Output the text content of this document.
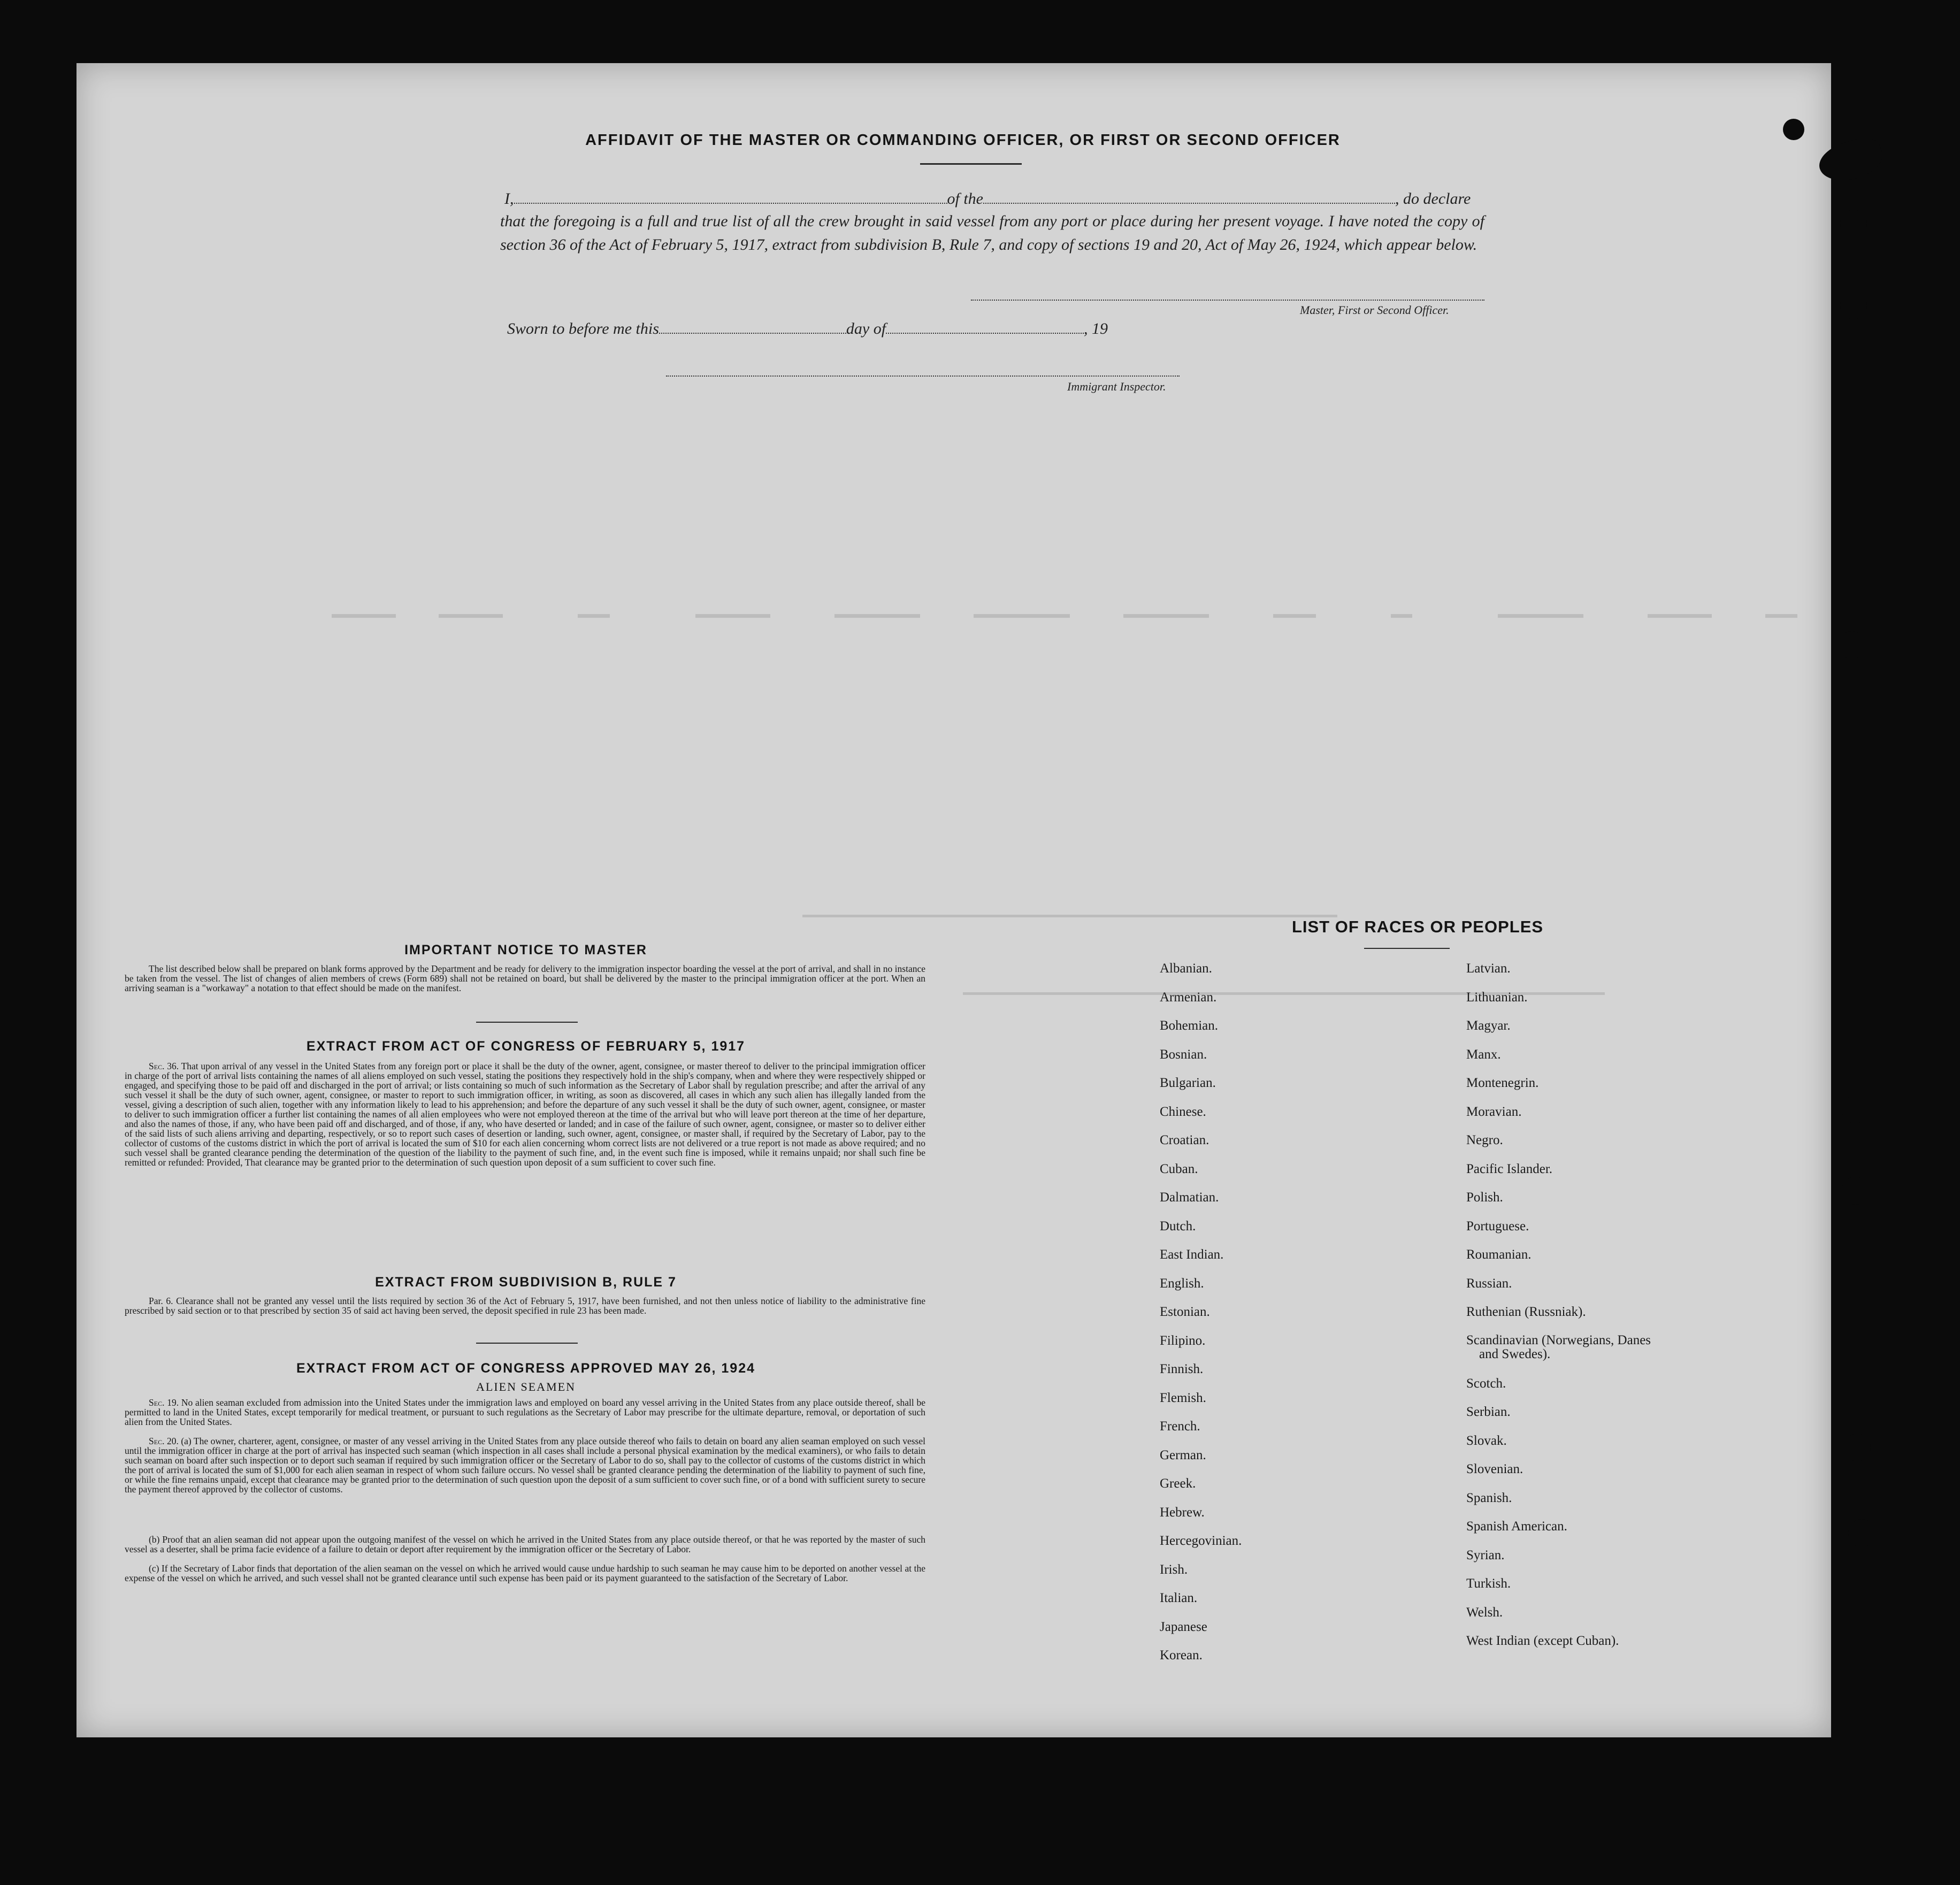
AFFIDAVIT OF THE MASTER OR COMMANDING OFFICER, OR FIRST OR SECOND OFFICER
I,	of the	, do declare
that the foregoing is a full and true list of all the crew brought in said vessel from any port or place during her present voyage. I have noted the copy of section 36 of the Act of February 5, 1917, extract from subdivision B, Rule 7, and copy of sections 19 and 20, Act of May 26, 1924, which appear below.
Master, First or Second Officer.
Sworn to before me this	day of	, 19
Immigrant Inspector.
IMPORTANT NOTICE TO MASTER
The list described below shall be prepared on blank forms approved by the Department and be ready for delivery to the immigration inspector boarding the vessel at the port of arrival, and shall in no instance be taken from the vessel. The list of changes of alien members of crews (Form 689) shall not be retained on board, but shall be delivered by the master to the principal immigration officer at the port. When an arriving seaman is a "workaway" a notation to that effect should be made on the manifest.
EXTRACT FROM ACT OF CONGRESS OF FEBRUARY 5, 1917
Sec. 36. That upon arrival of any vessel in the United States from any foreign port or place it shall be the duty of the owner, agent, consignee, or master thereof to deliver to the principal immigration officer in charge of the port of arrival lists containing the names of all aliens employed on such vessel, stating the positions they respectively hold in the ship's company, when and where they were respectively shipped or engaged, and specifying those to be paid off and discharged in the port of arrival; or lists containing so much of such information as the Secretary of Labor shall by regulation prescribe; and after the arrival of any such vessel it shall be the duty of such owner, agent, consignee, or master to report to such immigration officer, in writing, as soon as discovered, all cases in which any such alien has illegally landed from the vessel, giving a description of such alien, together with any information likely to lead to his apprehension; and before the departure of any such vessel it shall be the duty of such owner, agent, consignee, or master to deliver to such immigration officer a further list containing the names of all alien employees who were not employed thereon at the time of the arrival but who will leave port thereon at the time of her departure, and also the names of those, if any, who have been paid off and discharged, and of those, if any, who have deserted or landed; and in case of the failure of such owner, agent, consignee, or master so to deliver either of the said lists of such aliens arriving and departing, respectively, or so to report such cases of desertion or landing, such owner, agent, consignee, or master shall, if required by the Secretary of Labor, pay to the collector of customs of the customs district in which the port of arrival is located the sum of $10 for each alien concerning whom correct lists are not delivered or a true report is not made as above required; and no such vessel shall be granted clearance pending the determination of the question of the liability to the payment of such fine, and, in the event such fine is imposed, while it remains unpaid; nor shall such fine be remitted or refunded: Provided, That clearance may be granted prior to the determination of such question upon deposit of a sum sufficient to cover such fine.
EXTRACT FROM SUBDIVISION B, RULE 7
Par. 6. Clearance shall not be granted any vessel until the lists required by section 36 of the Act of February 5, 1917, have been furnished, and not then unless notice of liability to the administrative fine prescribed by said section or to that prescribed by section 35 of said act having been served, the deposit specified in rule 23 has been made.
EXTRACT FROM ACT OF CONGRESS APPROVED MAY 26, 1924
ALIEN SEAMEN
Sec. 19. No alien seaman excluded from admission into the United States under the immigration laws and employed on board any vessel arriving in the United States from any place outside thereof, shall be permitted to land in the United States, except temporarily for medical treatment, or pursuant to such regulations as the Secretary of Labor may prescribe for the ultimate departure, removal, or deportation of such alien from the United States.
Sec. 20. (a) The owner, charterer, agent, consignee, or master of any vessel arriving in the United States from any place outside thereof who fails to detain on board any alien seaman employed on such vessel until the immigration officer in charge at the port of arrival has inspected such seaman (which inspection in all cases shall include a personal physical examination by the medical examiners), or who fails to detain such seaman on board after such inspection or to deport such seaman if required by such immigration officer or the Secretary of Labor to do so, shall pay to the collector of customs of the customs district in which the port of arrival is located the sum of $1,000 for each alien seaman in respect of whom such failure occurs. No vessel shall be granted clearance pending the determination of the liability to payment of such fine, or while the fine remains unpaid, except that clearance may be granted prior to the determination of such question upon the deposit of a sum sufficient to cover such fine, or of a bond with sufficient surety to secure the payment thereof approved by the collector of customs.
(b) Proof that an alien seaman did not appear upon the outgoing manifest of the vessel on which he arrived in the United States from any place outside thereof, or that he was reported by the master of such vessel as a deserter, shall be prima facie evidence of a failure to detain or deport after requirement by the immigration officer or the Secretary of Labor.
(c) If the Secretary of Labor finds that deportation of the alien seaman on the vessel on which he arrived would cause undue hardship to such seaman he may cause him to be deported on another vessel at the expense of the vessel on which he arrived, and such vessel shall not be granted clearance until such expense has been paid or its payment guaranteed to the satisfaction of the Secretary of Labor.
LIST OF RACES OR PEOPLES
Albanian.
Armenian.
Bohemian.
Bosnian.
Bulgarian.
Chinese.
Croatian.
Cuban.
Dalmatian.
Dutch.
East Indian.
English.
Estonian.
Filipino.
Finnish.
Flemish.
French.
German.
Greek.
Hebrew.
Hercegovinian.
Irish.
Italian.
Japanese
Korean.
Latvian.
Lithuanian.
Magyar.
Manx.
Montenegrin.
Moravian.
Negro.
Pacific Islander.
Polish.
Portuguese.
Roumanian.
Russian.
Ruthenian (Russniak).
Scandinavian (Norwegians, Danes and Swedes).
Scotch.
Serbian.
Slovak.
Slovenian.
Spanish.
Spanish American.
Syrian.
Turkish.
Welsh.
West Indian (except Cuban).
